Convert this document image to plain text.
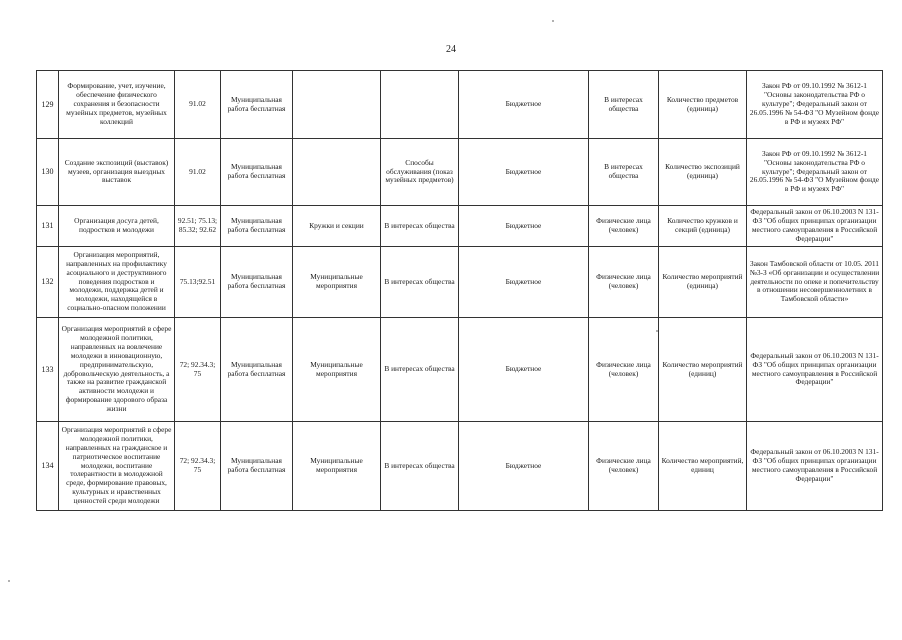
24
129	Формирование, учет, изучение, обеспечение физического сохранения и безопасности музейных предметов, музейных коллекций	91.02	Муниципальная работа бесплатная			Бюджетное	В интересах общества	Количество предметов (единица)	Закон РФ от 09.10.1992 № 3612-1 "Основы законодательства РФ о культуре"; Федеральный закон от 26.05.1996 № 54-ФЗ "О Музейном фонде в РФ и музеях РФ"
130	Создание экспозиций (выставок) музеев, организация выездных выставок	91.02	Муниципальная работа бесплатная		Способы обслуживания (показ музейных предметов)	Бюджетное	В интересах общества	Количество экспозиций (единица)	Закон РФ от 09.10.1992 № 3612-1 "Основы законодательства РФ о культуре"; Федеральный закон от 26.05.1996 № 54-ФЗ "О Музейном фонде в РФ и музеях РФ"
131	Организация досуга детей, подростков и молодежи	92.51; 75.13; 85.32; 92.62	Муниципальная работа бесплатная	Кружки и секции	В интересах общества	Бюджетное	Физические лица (человек)	Количество кружков и секций (единица)	Федеральный закон от 06.10.2003 N 131-ФЗ "Об общих принципах организации местного самоуправления в Российской Федерации"
132	Организация мероприятий, направленных на профилактику асоциального и деструктивного поведения подростков и молодежи, поддержка детей и молодежи, находящейся в социально-опасном положении	75.13;92.51	Муниципальная работа бесплатная	Муниципальные мероприятия	В интересах общества	Бюджетное	Физические лица (человек)	Количество мероприятий (единица)	Закон Тамбовской области от 10.05. 2011 №3-З «Об организации и осуществлении деятельности по опеке и попечительству в отношении несовершеннолетних в Тамбовской области»
133	Организация мероприятий в сфере молодежной политики, направленных на вовлечение молодежи в инновационную, предпринимательскую, добровольческую деятельность, а также на развитие гражданской активности молодежи и формирование здорового образа жизни	72; 92.34.3; 75	Муниципальная работа бесплатная	Муниципальные мероприятия	В интересах общества	Бюджетное	Физические лица (человек)	Количество мероприятий (единиц)	Федеральный закон от 06.10.2003 N 131-ФЗ "Об общих принципах организации местного самоуправления в Российской Федерации"
134	Организация мероприятий в сфере молодежной политики, направленных на гражданское и патриотическое воспитание молодежи, воспитание толерантности в молодежной среде, формирование правовых, культурных и нравственных ценностей среди молодежи	72; 92.34.3; 75	Муниципальная работа бесплатная	Муниципальные мероприятия	В интересах общества	Бюджетное	Физические лица (человек)	Количество мероприятий, единиц	Федеральный закон от 06.10.2003 N 131-ФЗ "Об общих принципах организации местного самоуправления в Российской Федерации"
